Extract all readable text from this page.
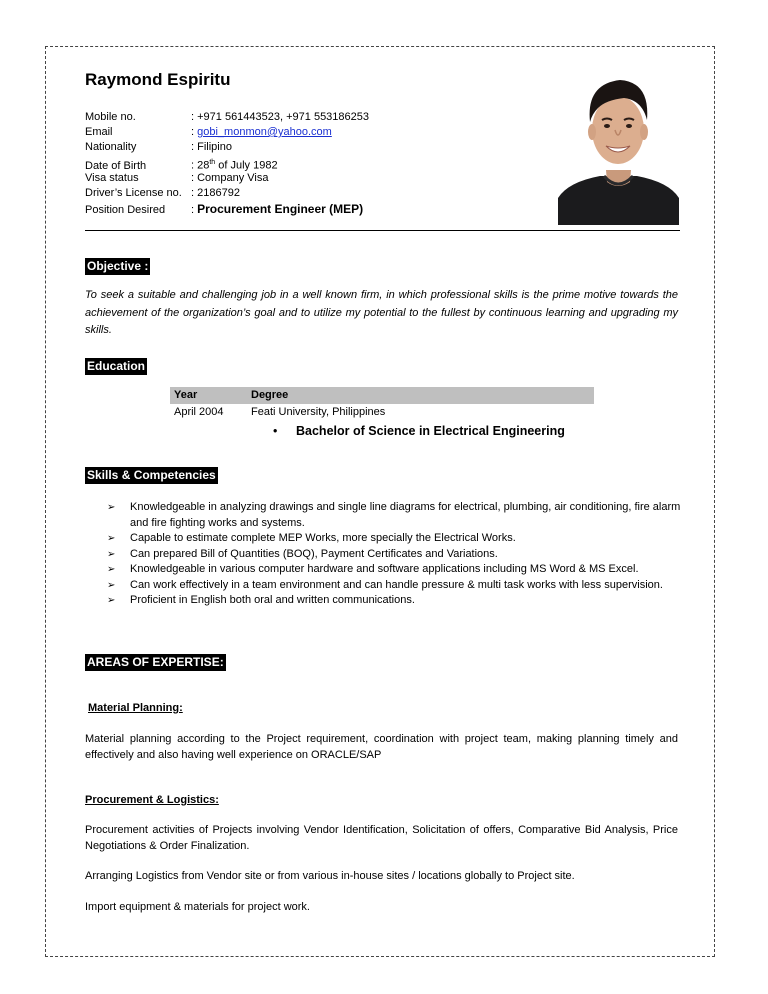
Raymond Espiritu
Mobile no.	: +971 561443523, +971 553186253
Email	: gobi_monmon@yahoo.com
Nationality	: Filipino
Date of Birth	: 28th of July 1982
Visa status	: Company Visa
Driver’s License no. : 2186792
Position Desired : Procurement Engineer (MEP)
Objective :
To seek a suitable and challenging job in a well known firm, in which professional skills is the prime motive towards the achievement of the organization’s goal and to utilize my potential to the fullest by continuous learning and upgrading my skills.
Education
Year	Degree
April 2004 Feati University, Philippines
• Bachelor of Science in Electrical Engineering
Skills & Competencies
➢ Knowledgeable in analyzing drawings and single line diagrams for electrical, plumbing, air conditioning, fire alarm and fire fighting works and systems.
➢ Capable to estimate complete MEP Works, more specially the Electrical Works.
➢ Can prepared Bill of Quantities (BOQ), Payment Certificates and Variations.
➢ Knowledgeable in various computer hardware and software applications including MS Word & MS Excel.
➢ Can work effectively in a team environment and can handle pressure & multi task works with less supervision.
➢ Proficient in English both oral and written communications.
AREAS OF EXPERTISE:
Material Planning:
Material planning according to the Project requirement, coordination with project team, making planning timely and effectively and also having well experience on ORACLE/SAP
Procurement & Logistics:
Procurement activities of Projects involving Vendor Identification, Solicitation of offers, Comparative Bid Analysis, Price Negotiations & Order Finalization.
Arranging Logistics from Vendor site or from various in-house sites / locations globally to Project site.
Import equipment & materials for project work.
